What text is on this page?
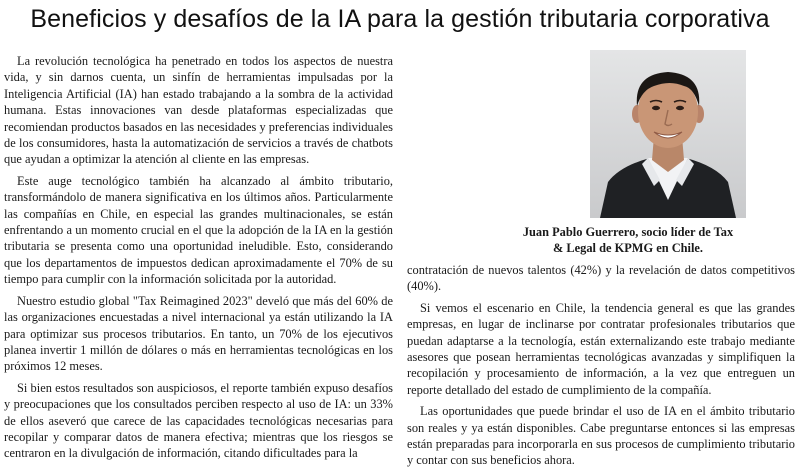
Beneficios y desafíos de la IA para la gestión tributaria corporativa

La revolución tecnológica ha penetrado en todos los aspectos de nuestra vida, y sin darnos cuenta, un sinfín de herramientas impulsadas por la Inteligencia Artificial (IA) han estado trabajando a la sombra de la actividad humana. Estas innovaciones van desde plataformas especializadas que recomiendan productos basados en las necesidades y preferencias individuales de los consumidores, hasta la automatización de servicios a través de chatbots que ayudan a optimizar la atención al cliente en las empresas.

Este auge tecnológico también ha alcanzado al ámbito tributario, transformándolo de manera significativa en los últimos años. Particularmente las compañías en Chile, en especial las grandes multinacionales, se están enfrentando a un momento crucial en el que la adopción de la IA en la gestión tributaria se presenta como una oportunidad ineludible. Esto, considerando que los departamentos de impuestos dedican aproximadamente el 70% de su tiempo para cumplir con la información solicitada por la autoridad.

Nuestro estudio global "Tax Reimagined 2023" develó que más del 60% de las organizaciones encuestadas a nivel internacional ya están utilizando la IA para optimizar sus procesos tributarios. En tanto, un 70% de los ejecutivos planea invertir 1 millón de dólares o más en herramientas tecnológicas en los próximos 12 meses.

Si bien estos resultados son auspiciosos, el reporte también expuso desafíos y preocupaciones que los consultados perciben respecto al uso de IA: un 33% de ellos aseveró que carece de las capacidades tecnológicas necesarias para recopilar y comparar datos de manera efectiva; mientras que los riesgos se centraron en la divulgación de información, citando dificultades para la

Juan Pablo Guerrero, socio líder de Tax
& Legal de KPMG en Chile.

contratación de nuevos talentos (42%) y la revelación de datos competitivos (40%).

Si vemos el escenario en Chile, la tendencia general es que las grandes empresas, en lugar de inclinarse por contratar profesionales tributarios que puedan adaptarse a la tecnología, están externalizando este trabajo mediante asesores que posean herramientas tecnológicas avanzadas y simplifiquen la recopilación y procesamiento de información, a la vez que entreguen un reporte detallado del estado de cumplimiento de la compañía.

Las oportunidades que puede brindar el uso de IA en el ámbito tributario son reales y ya están disponibles. Cabe preguntarse entonces si las empresas están preparadas para incorporarla en sus procesos de cumplimiento tributario y contar con sus beneficios ahora.
